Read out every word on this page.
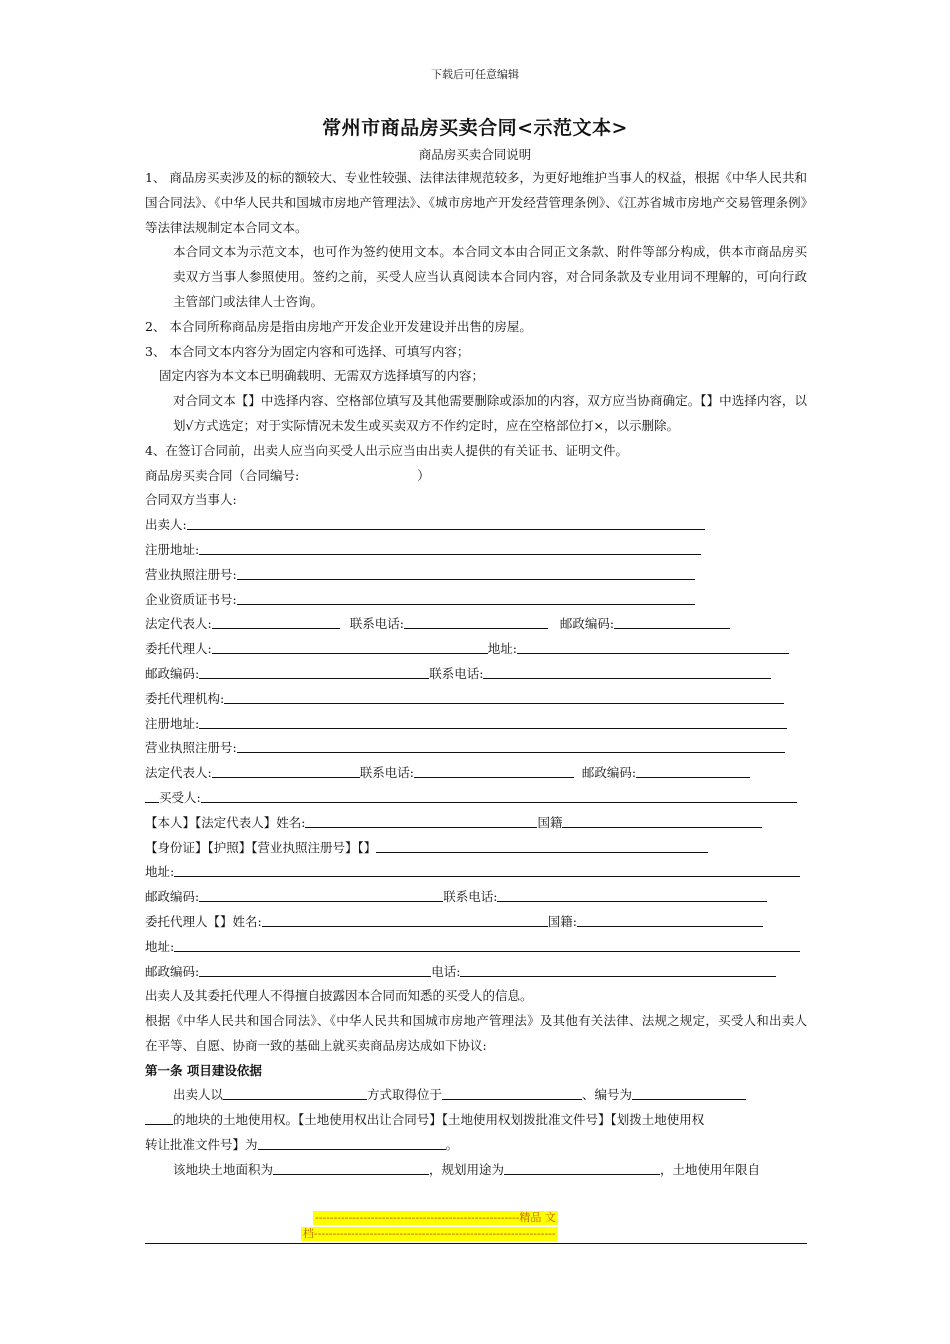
下载后可任意编辑
常州市商品房买卖合同<示范文本>
商品房买卖合同说明
1、 商品房买卖涉及的标的额较大、专业性较强、法律法律规范较多，为更好地维护当事人的权益，根据《中华人民共和国合同法》、《中华人民共和国城市房地产管理法》、《城市房地产开发经营管理条例》、《江苏省城市房地产交易管理条例》等法律法规制定本合同文本。
本合同文本为示范文本，也可作为签约使用文本。本合同文本由合同正文条款、附件等部分构成，供本市商品房买卖双方当事人参照使用。签约之前，买受人应当认真阅读本合同内容，对合同条款及专业用词不理解的，可向行政主管部门或法律人士咨询。
2、 本合同所称商品房是指由房地产开发企业开发建设并出售的房屋。
3、 本合同文本内容分为固定内容和可选择、可填写内容；
固定内容为本文本已明确载明、无需双方选择填写的内容；
对合同文本【】中选择内容、空格部位填写及其他需要删除或添加的内容，双方应当协商确定。【】中选择内容，以划√方式选定；对于实际情况未发生或买卖双方不作约定时，应在空格部位打×，以示删除。
4、在签订合同前，出卖人应当向买受人出示应当由出卖人提供的有关证书、证明文件。
商品房买卖合同（合同编号:	）
合同双方当事人:
出卖人:
注册地址:
营业执照注册号:
企业资质证书号:
法定代表人:	联系电话:	邮政编码:
委托代理人:	地址:
邮政编码:	联系电话:
委托代理机构:
注册地址:
营业执照注册号:
法定代表人:	联系电话:	邮政编码:
买受人:
【本人】【法定代表人】姓名:	国籍
【身份证】【护照】【营业执照注册号】【】
地址:
邮政编码:	联系电话:
委托代理人【】姓名:	国籍:
地址:
邮政编码:	电话:
出卖人及其委托代理人不得擅自披露因本合同而知悉的买受人的信息。
根据《中华人民共和国合同法》、《中华人民共和国城市房地产管理法》及其他有关法律、法规之规定，买受人和出卖人在平等、自愿、协商一致的基础上就买卖商品房达成如下协议:
第一条 项目建设依据
出卖人以	方式取得位于	、编号为
的地块的土地使用权。【土地使用权出让合同号】【土地使用权划拨批准文件号】【划拨土地使用权
转让批准文件号】为	。
该地块土地面积为	，规划用途为	，土地使用年限自
-------------------------------------------------------精品 文
档-----------------------------------------------------------------
